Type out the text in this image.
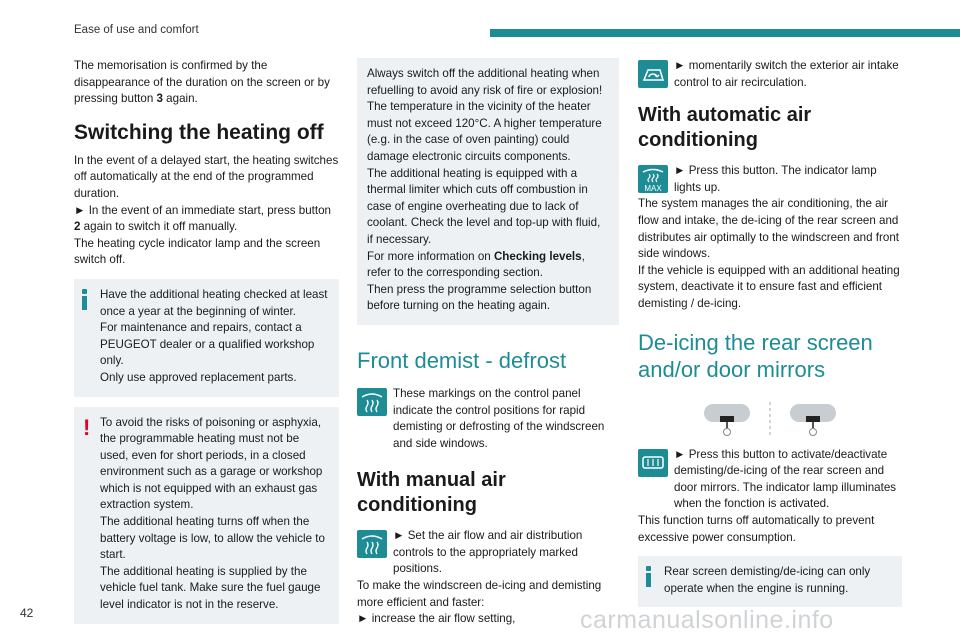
Ease of use and comfort

The memorisation is confirmed by the disappearance of the duration on the screen or by pressing button 3 again.

Switching the heating off

In the event of a delayed start, the heating switches off automatically at the end of the programmed duration.

► In the event of an immediate start, press button 2 again to switch it off manually.

The heating cycle indicator lamp and the screen switch off.

Have the additional heating checked at least once a year at the beginning of winter.

For maintenance and repairs, contact a PEUGEOT dealer or a qualified workshop only.

Only use approved replacement parts.

! To avoid the risks of poisoning or asphyxia, the programmable heating must not be used, even for short periods, in a closed environment such as a garage or workshop which is not equipped with an exhaust gas extraction system.

The additional heating turns off when the battery voltage is low, to allow the vehicle to start.

The additional heating is supplied by the vehicle fuel tank. Make sure the fuel gauge level indicator is not in the reserve.

Always switch off the additional heating when refuelling to avoid any risk of fire or explosion!

The temperature in the vicinity of the heater must not exceed 120°C. A higher temperature (e.g. in the case of oven painting) could damage electronic circuits components.

The additional heating is equipped with a thermal limiter which cuts off combustion in case of engine overheating due to lack of coolant. Check the level and top-up with fluid, if necessary.

For more information on Checking levels, refer to the corresponding section.

Then press the programme selection button before turning on the heating again.

Front demist - defrost
These markings on the control panel indicate the control positions for rapid demisting or defrosting of the windscreen and side windows.
With manual air conditioning
► Set the air flow and air distribution controls to the appropriately marked positions.

To make the windscreen de-icing and demisting more efficient and faster:

► increase the air flow setting,

► momentarily switch the exterior air intake control to air recirculation.
With automatic air conditioning
MAX
► Press this button. The indicator lamp lights up.

The system manages the air conditioning, the air flow and intake, the de-icing of the rear screen and distributes air optimally to the windscreen and front side windows.

If the vehicle is equipped with an additional heating system, deactivate it to ensure fast and efficient demisting / de-icing.

De-icing the rear screen and/or door mirrors
► Press this button to activate/deactivate demisting/de-icing of the rear screen and door mirrors. The indicator lamp illuminates when the fonction is activated.

This function turns off automatically to prevent excessive power consumption.

Rear screen demisting/de-icing can only operate when the engine is running.

42	carmanualsonline.info
